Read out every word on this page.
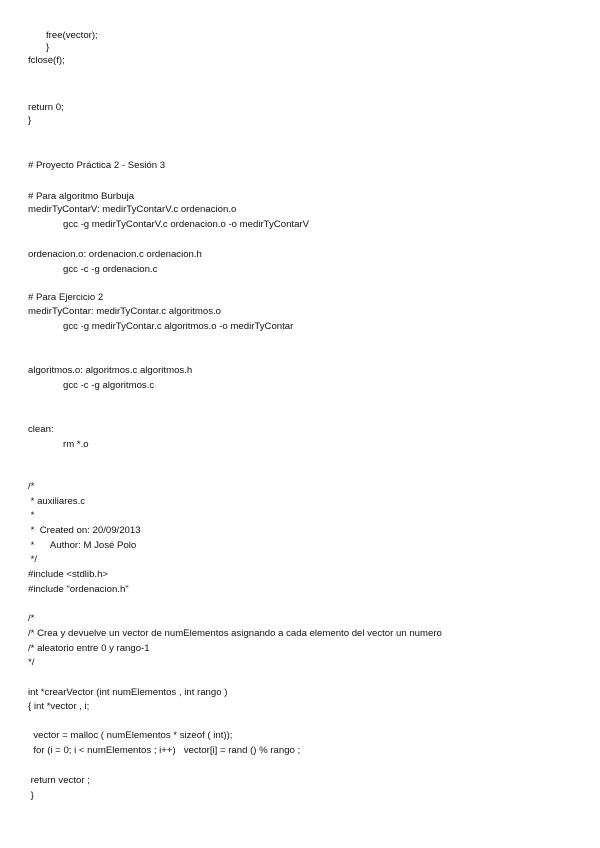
free(vector);
}
fclose(f);
return 0;
}
# Proyecto Práctica 2 - Sesión 3
# Para algoritmo Burbuja
medirTyContarV: medirTyContarV.c ordenacion.o
gcc -g medirTyContarV.c ordenacion.o -o medirTyContarV
ordenacion.o: ordenacion.c ordenacion.h
gcc -c -g ordenacion.c
# Para Ejercicio 2
medirTyContar: medirTyContar.c algoritmos.o
gcc -g medirTyContar.c algoritmos.o -o medirTyContar
algoritmos.o: algoritmos.c algoritmos.h
gcc -c -g algoritmos.c
clean:
rm *.o
/*
* auxiliares.c
*
*  Created on: 20/09/2013
*      Author: M José Polo
*/
#include <stdlib.h>
#include "ordenacion.h"
/*
/* Crea y devuelve un vector de numElementos asignando a cada elemento del vector un numero
/* aleatorio entre 0 y rango-1
*/
int *crearVector (int numElementos , int rango )
{ int *vector , i;
vector = malloc ( numElementos * sizeof ( int));
for (i = 0; i < numElementos ; i++)   vector[i] = rand () % rango ;
return vector ;
}
